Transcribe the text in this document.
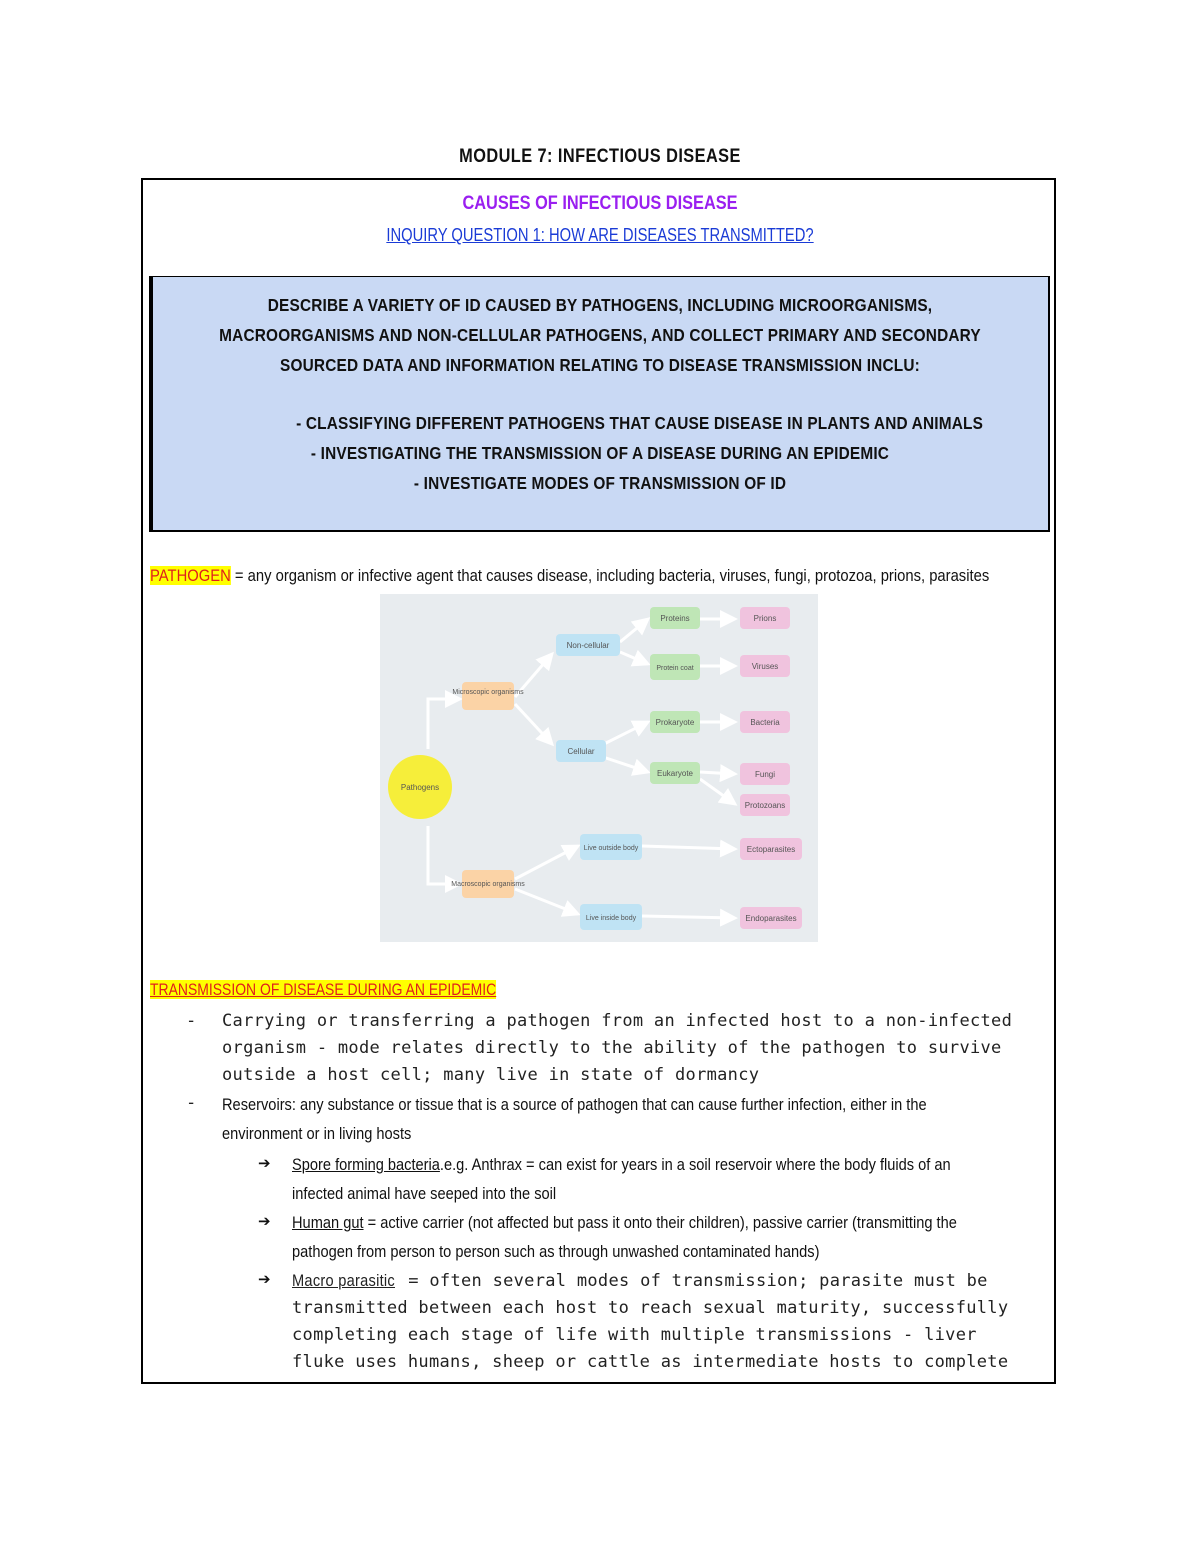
MODULE 7: INFECTIOUS DISEASE
CAUSES OF INFECTIOUS DISEASE
INQUIRY QUESTION 1: HOW ARE DISEASES TRANSMITTED?
DESCRIBE A VARIETY OF ID CAUSED BY PATHOGENS, INCLUDING MICROORGANISMS, MACROORGANISMS AND NON-CELLULAR PATHOGENS, AND COLLECT PRIMARY AND SECONDARY SOURCED DATA AND INFORMATION RELATING TO DISEASE TRANSMISSION INCLU:
- CLASSIFYING DIFFERENT PATHOGENS THAT CAUSE DISEASE IN PLANTS AND ANIMALS
- INVESTIGATING THE TRANSMISSION OF A DISEASE DURING AN EPIDEMIC
- INVESTIGATE MODES OF TRANSMISSION OF ID
PATHOGEN = any organism or infective agent that causes disease, including bacteria, viruses, fungi, protozoa, prions, parasites
Pathogens
Microscopic organisms
Macroscopic organisms
Non-cellular
Cellular
Live outside body
Live inside body
Proteins
Protein coat
Prokaryote
Eukaryote
Prions
Viruses
Bacteria
Fungi
Protozoans
Ectoparasites
Endoparasites
TRANSMISSION OF DISEASE DURING AN EPIDEMIC
- Carrying or transferring a pathogen from an infected host to a non-infected
organism - mode relates directly to the ability of the pathogen to survive
outside a host cell; many live in state of dormancy
- Reservoirs: any substance or tissue that is a source of pathogen that can cause further infection, either in the
environment or in living hosts
➔ Spore forming bacteria.e.g. Anthrax = can exist for years in a soil reservoir where the body fluids of an
infected animal have seeped into the soil
➔ Human gut = active carrier (not affected but pass it onto their children), passive carrier (transmitting the
pathogen from person to person such as through unwashed contaminated hands)
➔ Macro parasitic = often several modes of transmission; parasite must be
transmitted between each host to reach sexual maturity, successfully
completing each stage of life with multiple transmissions - liver
fluke uses humans, sheep or cattle as intermediate hosts to complete
